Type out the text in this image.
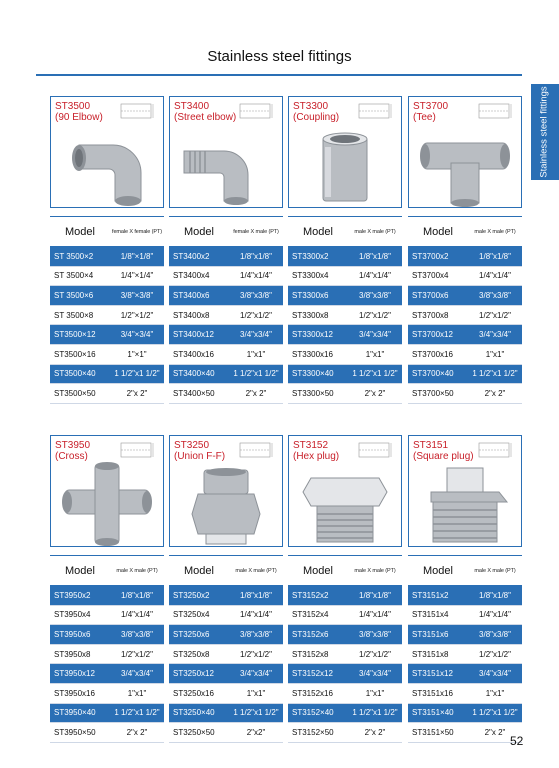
Stainless steel fittings
Stainless steel fittings
ST3500
(90 Elbow)
Model	female X female (PT)
ST 3500×2	1/8"×1/8"
ST 3500×4	1/4"×1/4"
ST 3500×6	3/8"×3/8"
ST 3500×8	1/2"×1/2"
ST3500×12	3/4"×3/4"
ST3500×16	1"×1"
ST3500×40	1 1/2"x1 1/2"
ST3500×50	2"x 2"
ST3400
(Street elbow)
Model	female X male (PT)
ST3400x2	1/8"x1/8"
ST3400x4	1/4"x1/4"
ST3400x6	3/8"x3/8"
ST3400x8	1/2"x1/2"
ST3400x12	3/4"x3/4"
ST3400x16	1"x1"
ST3400×40	1 1/2"x1 1/2"
ST3400×50	2"x 2"
ST3300
(Coupling)
Model	male X male (PT)
ST3300x2	1/8"x1/8"
ST3300x4	1/4"x1/4"
ST3300x6	3/8"x3/8"
ST3300x8	1/2"x1/2"
ST3300x12	3/4"x3/4"
ST3300x16	1"x1"
ST3300×40	1 1/2"x1 1/2"
ST3300×50	2"x 2"
ST3700
(Tee)
Model	male X male (PT)
ST3700x2	1/8"x1/8"
ST3700x4	1/4"x1/4"
ST3700x6	3/8"x3/8"
ST3700x8	1/2"x1/2"
ST3700x12	3/4"x3/4"
ST3700x16	1"x1"
ST3700×40	1 1/2"x1 1/2"
ST3700×50	2"x 2"
ST3950
(Cross)
Model	male X male (PT)
ST3950x2	1/8"x1/8"
ST3950x4	1/4"x1/4"
ST3950x6	3/8"x3/8"
ST3950x8	1/2"x1/2"
ST3950x12	3/4"x3/4"
ST3950x16	1"x1"
ST3950×40	1 1/2"x1 1/2"
ST3950×50	2"x 2"
ST3250
(Union F-F)
Model	male X male (PT)
ST3250x2	1/8"x1/8"
ST3250x4	1/4"x1/4"
ST3250x6	3/8"x3/8"
ST3250x8	1/2"x1/2"
ST3250x12	3/4"x3/4"
ST3250x16	1"x1"
ST3250×40	1 1/2"x1 1/2"
ST3250×50	2"x2"
ST3152
(Hex plug)
Model	male X male (PT)
ST3152x2	1/8"x1/8"
ST3152x4	1/4"x1/4"
ST3152x6	3/8"x3/8"
ST3152x8	1/2"x1/2"
ST3152x12	3/4"x3/4"
ST3152x16	1"x1"
ST3152×40	1 1/2"x1 1/2"
ST3152×50	2"x 2"
ST3151
(Square plug)
Model	male X male (PT)
ST3151x2	1/8"x1/8"
ST3151x4	1/4"x1/4"
ST3151x6	3/8"x3/8"
ST3151x8	1/2"x1/2"
ST3151x12	3/4"x3/4"
ST3151x16	1"x1"
ST3151×40	1 1/2"x1 1/2"
ST3151×50	2"x 2"
52
